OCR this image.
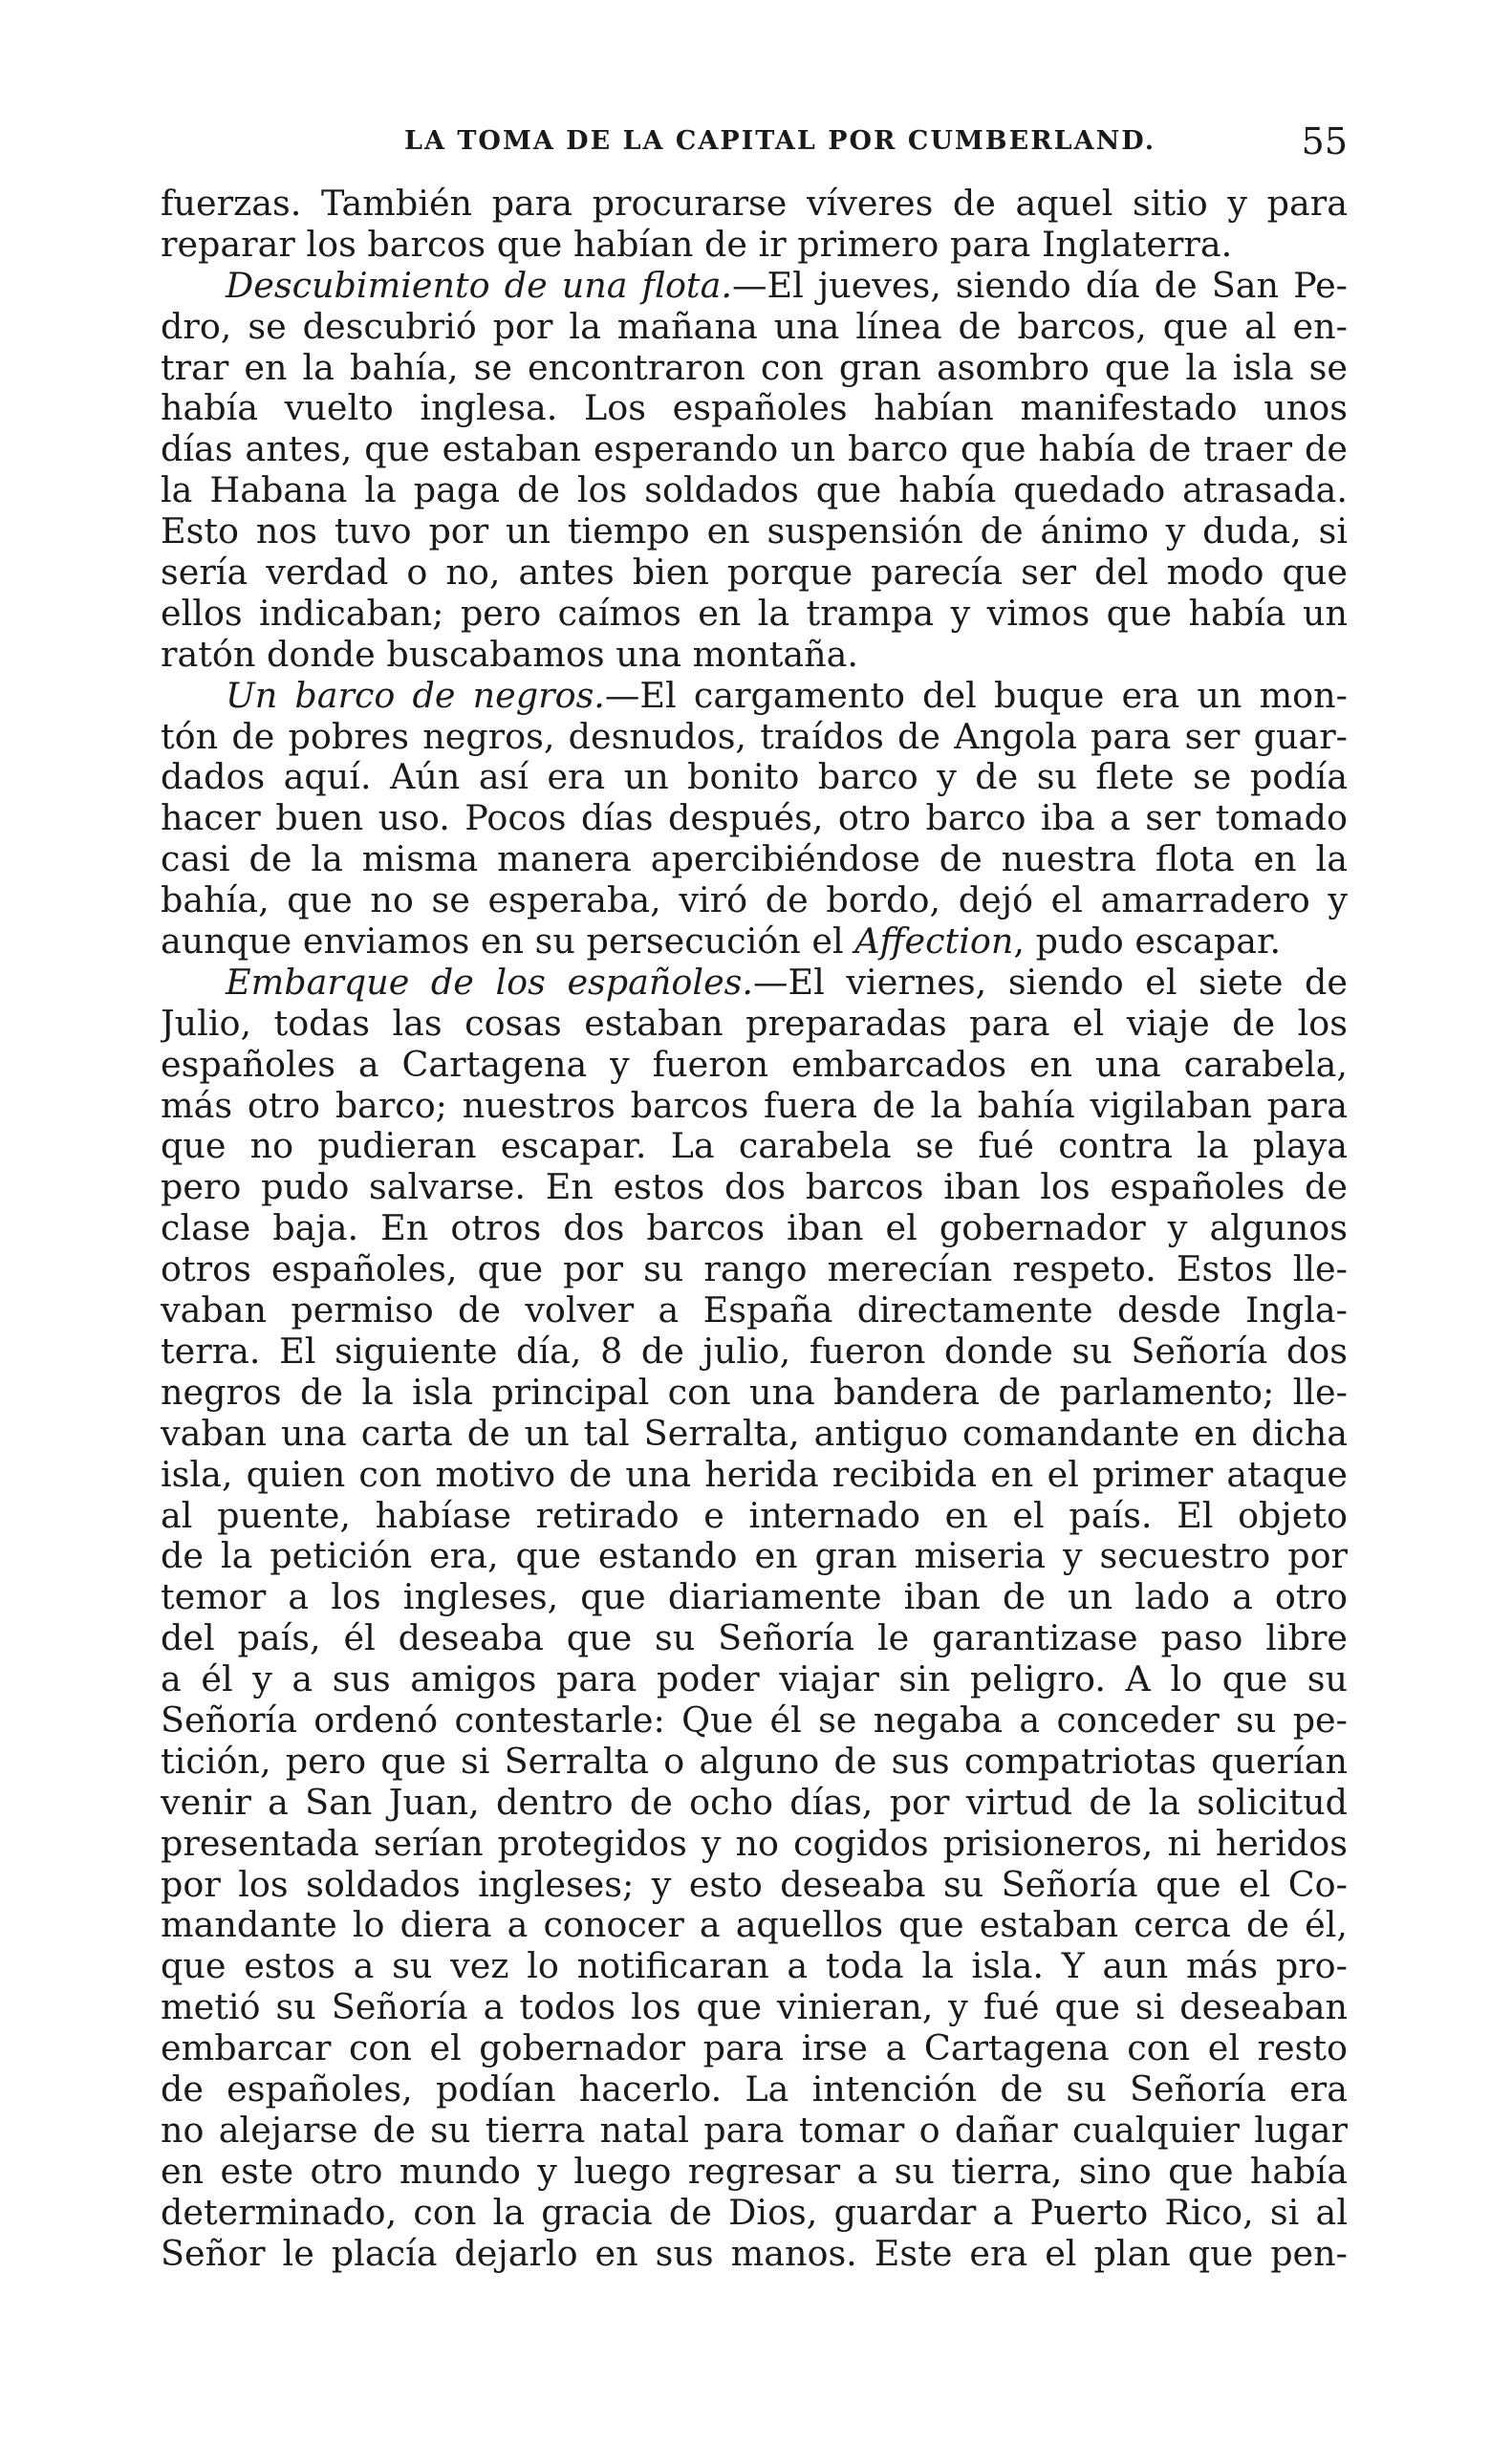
LA TOMA DE LA CAPITAL POR CUMBERLAND.	55
fuerzas. También para procurarse víveres de aquel sitio y para
reparar los barcos que habían de ir primero para Inglaterra.
Descubimiento de una flota.—El jueves, siendo día de San Pe-
dro, se descubrió por la mañana una línea de barcos, que al en-
trar en la bahía, se encontraron con gran asombro que la isla se
había vuelto inglesa. Los españoles habían manifestado unos
días antes, que estaban esperando un barco que había de traer de
la Habana la paga de los soldados que había quedado atrasada.
Esto nos tuvo por un tiempo en suspensión de ánimo y duda, si
sería verdad o no, antes bien porque parecía ser del modo que
ellos indicaban; pero caímos en la trampa y vimos que había un
ratón donde buscabamos una montaña.
Un barco de negros.—El cargamento del buque era un mon-
tón de pobres negros, desnudos, traídos de Angola para ser guar-
dados aquí. Aún así era un bonito barco y de su flete se podía
hacer buen uso. Pocos días después, otro barco iba a ser tomado
casi de la misma manera apercibiéndose de nuestra flota en la
bahía, que no se esperaba, viró de bordo, dejó el amarradero y
aunque enviamos en su persecución el Affection, pudo escapar.
Embarque de los españoles.—El viernes, siendo el siete de
Julio, todas las cosas estaban preparadas para el viaje de los
españoles a Cartagena y fueron embarcados en una carabela,
más otro barco; nuestros barcos fuera de la bahía vigilaban para
que no pudieran escapar. La carabela se fué contra la playa
pero pudo salvarse. En estos dos barcos iban los españoles de
clase baja. En otros dos barcos iban el gobernador y algunos
otros españoles, que por su rango merecían respeto. Estos lle-
vaban permiso de volver a España directamente desde Ingla-
terra. El siguiente día, 8 de julio, fueron donde su Señoría dos
negros de la isla principal con una bandera de parlamento; lle-
vaban una carta de un tal Serralta, antiguo comandante en dicha
isla, quien con motivo de una herida recibida en el primer ataque
al puente, habíase retirado e internado en el país. El objeto
de la petición era, que estando en gran miseria y secuestro por
temor a los ingleses, que diariamente iban de un lado a otro
del país, él deseaba que su Señoría le garantizase paso libre
a él y a sus amigos para poder viajar sin peligro. A lo que su
Señoría ordenó contestarle: Que él se negaba a conceder su pe-
tición, pero que si Serralta o alguno de sus compatriotas querían
venir a San Juan, dentro de ocho días, por virtud de la solicitud
presentada serían protegidos y no cogidos prisioneros, ni heridos
por los soldados ingleses; y esto deseaba su Señoría que el Co-
mandante lo diera a conocer a aquellos que estaban cerca de él,
que estos a su vez lo notificaran a toda la isla. Y aun más pro-
metió su Señoría a todos los que vinieran, y fué que si deseaban
embarcar con el gobernador para irse a Cartagena con el resto
de españoles, podían hacerlo. La intención de su Señoría era
no alejarse de su tierra natal para tomar o dañar cualquier lugar
en este otro mundo y luego regresar a su tierra, sino que había
determinado, con la gracia de Dios, guardar a Puerto Rico, si al
Señor le placía dejarlo en sus manos. Este era el plan que pen-
